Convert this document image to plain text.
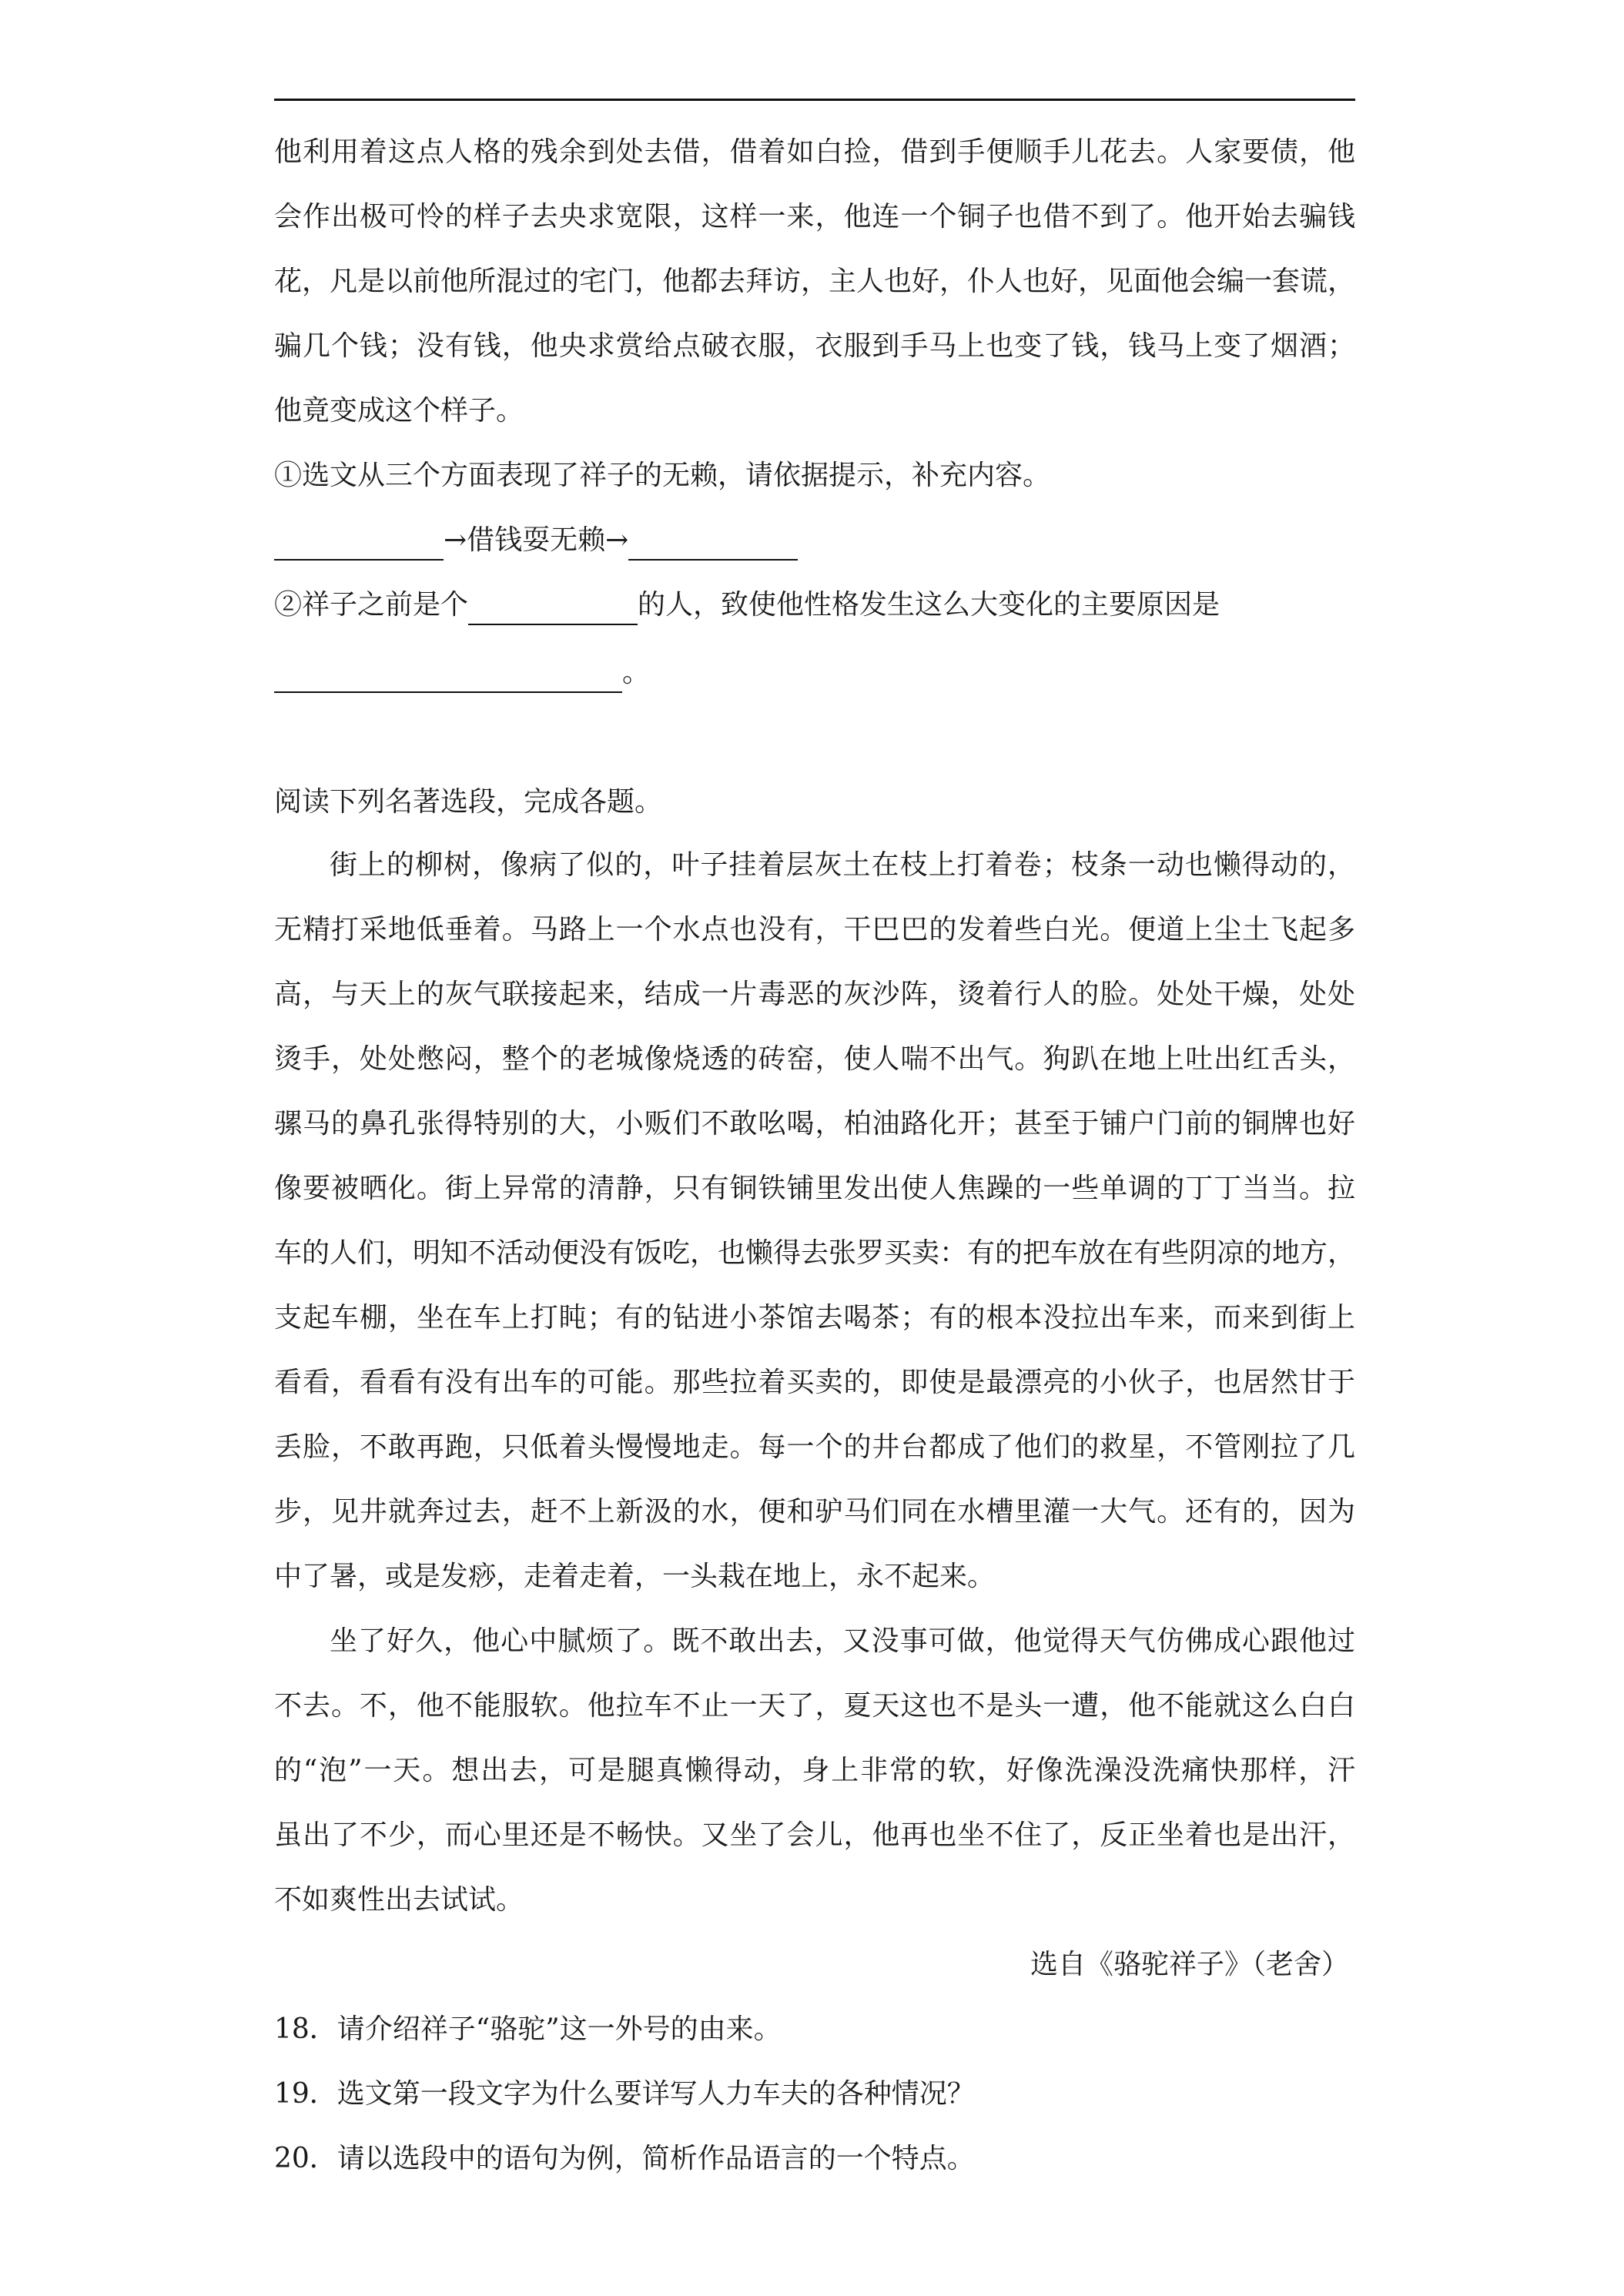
他利用着这点人格的残余到处去借，借着如白捡，借到手便顺手儿花去。人家要债，他
会作出极可怜的样子去央求宽限，这样一来，他连一个铜子也借不到了。他开始去骗钱
花，凡是以前他所混过的宅门，他都去拜访，主人也好，仆人也好，见面他会编一套谎，
骗几个钱；没有钱，他央求赏给点破衣服，衣服到手马上也变了钱，钱马上变了烟酒；
他竟变成这个样子。
①选文从三个方面表现了祥子的无赖，请依据提示，补充内容。
→借钱耍无赖→
②祥子之前是个	的人，致使他性格发生这么大变化的主要原因是
。
阅读下列名著选段，完成各题。
街上的柳树，像病了似的，叶子挂着层灰土在枝上打着卷；枝条一动也懒得动的，
无精打采地低垂着。马路上一个水点也没有，干巴巴的发着些白光。便道上尘土飞起多
高，与天上的灰气联接起来，结成一片毒恶的灰沙阵，烫着行人的脸。处处干燥，处处
烫手，处处憋闷，整个的老城像烧透的砖窑，使人喘不出气。狗趴在地上吐出红舌头，
骡马的鼻孔张得特别的大，小贩们不敢吆喝，柏油路化开；甚至于铺户门前的铜牌也好
像要被晒化。街上异常的清静，只有铜铁铺里发出使人焦躁的一些单调的丁丁当当。拉
车的人们，明知不活动便没有饭吃，也懒得去张罗买卖：有的把车放在有些阴凉的地方，
支起车棚，坐在车上打盹；有的钻进小茶馆去喝茶；有的根本没拉出车来，而来到街上
看看，看看有没有出车的可能。那些拉着买卖的，即使是最漂亮的小伙子，也居然甘于
丢脸，不敢再跑，只低着头慢慢地走。每一个的井台都成了他们的救星，不管刚拉了几
步，见井就奔过去，赶不上新汲的水，便和驴马们同在水槽里灌一大气。还有的，因为
中了暑，或是发痧，走着走着，一头栽在地上，永不起来。
坐了好久，他心中腻烦了。既不敢出去，又没事可做，他觉得天气仿佛成心跟他过
不去。不，他不能服软。他拉车不止一天了，夏天这也不是头一遭，他不能就这么白白
的“泡”一天。想出去，可是腿真懒得动，身上非常的软，好像洗澡没洗痛快那样，汗
虽出了不少，而心里还是不畅快。又坐了会儿，他再也坐不住了，反正坐着也是出汗，
不如爽性出去试试。
选自《骆驼祥子》（老舍）
18．请介绍祥子“骆驼”这一外号的由来。
19．选文第一段文字为什么要详写人力车夫的各种情况？
20．请以选段中的语句为例，简析作品语言的一个特点。
